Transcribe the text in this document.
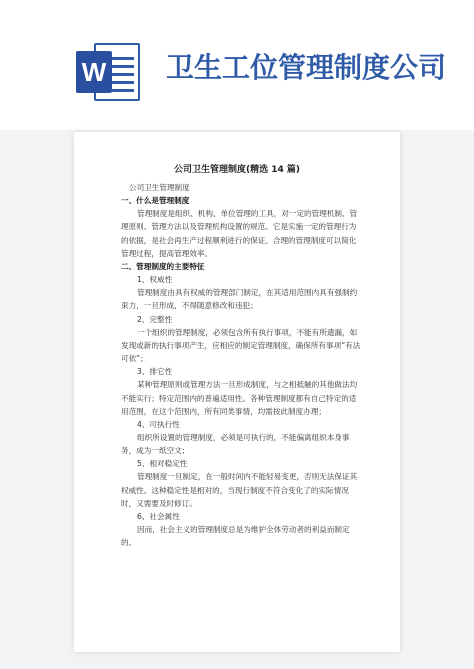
W 卫生工位管理制度公司
公司卫生管理制度(精选 14 篇)

公司卫生管理制度

一、什么是管理制度

管理制度是组织、机构、单位管理的工具，对一定的管理机制、管理原则、管理方法以及管理机构设置的规范。它是实施一定的管理行为的依据，是社会再生产过程顺利进行的保证。合理的管理制度可以简化管理过程，提高管理效率。

二、管理制度的主要特征

1、权威性

管理制度由具有权威的管理部门制定，在其适用范围内具有强制约束力，一旦形成，不得随意修改和违犯；

2、完整性

一个组织的管理制度，必须包含所有执行事项，不能有所遗漏，如发现或新的执行事项产生，应相应的制定管理制度，确保所有事项“有法可依”；

3、排它性

某种管理原则或管理方法一旦形成制度，与之相抵触的其他做法均不能实行；特定范围内的普遍适用性。各种管理制度都有自己特定的适用范围，在这个范围内，所有同类事情，均需按此制度办理；

4、可执行性

组织所设置的管理制度，必须是可执行的，不能偏离组织本身事务，成为一纸空文；

5、相对稳定性

管理制度一旦制定，在一般时间内不能轻易变更，否则无法保证其权威性。这种稳定性是相对的，当现行制度不符合变化了的实际情况时，又需要及时修订。

6、社会属性

因而，社会主义的管理制度总是为维护全体劳动者的利益而制定的。
